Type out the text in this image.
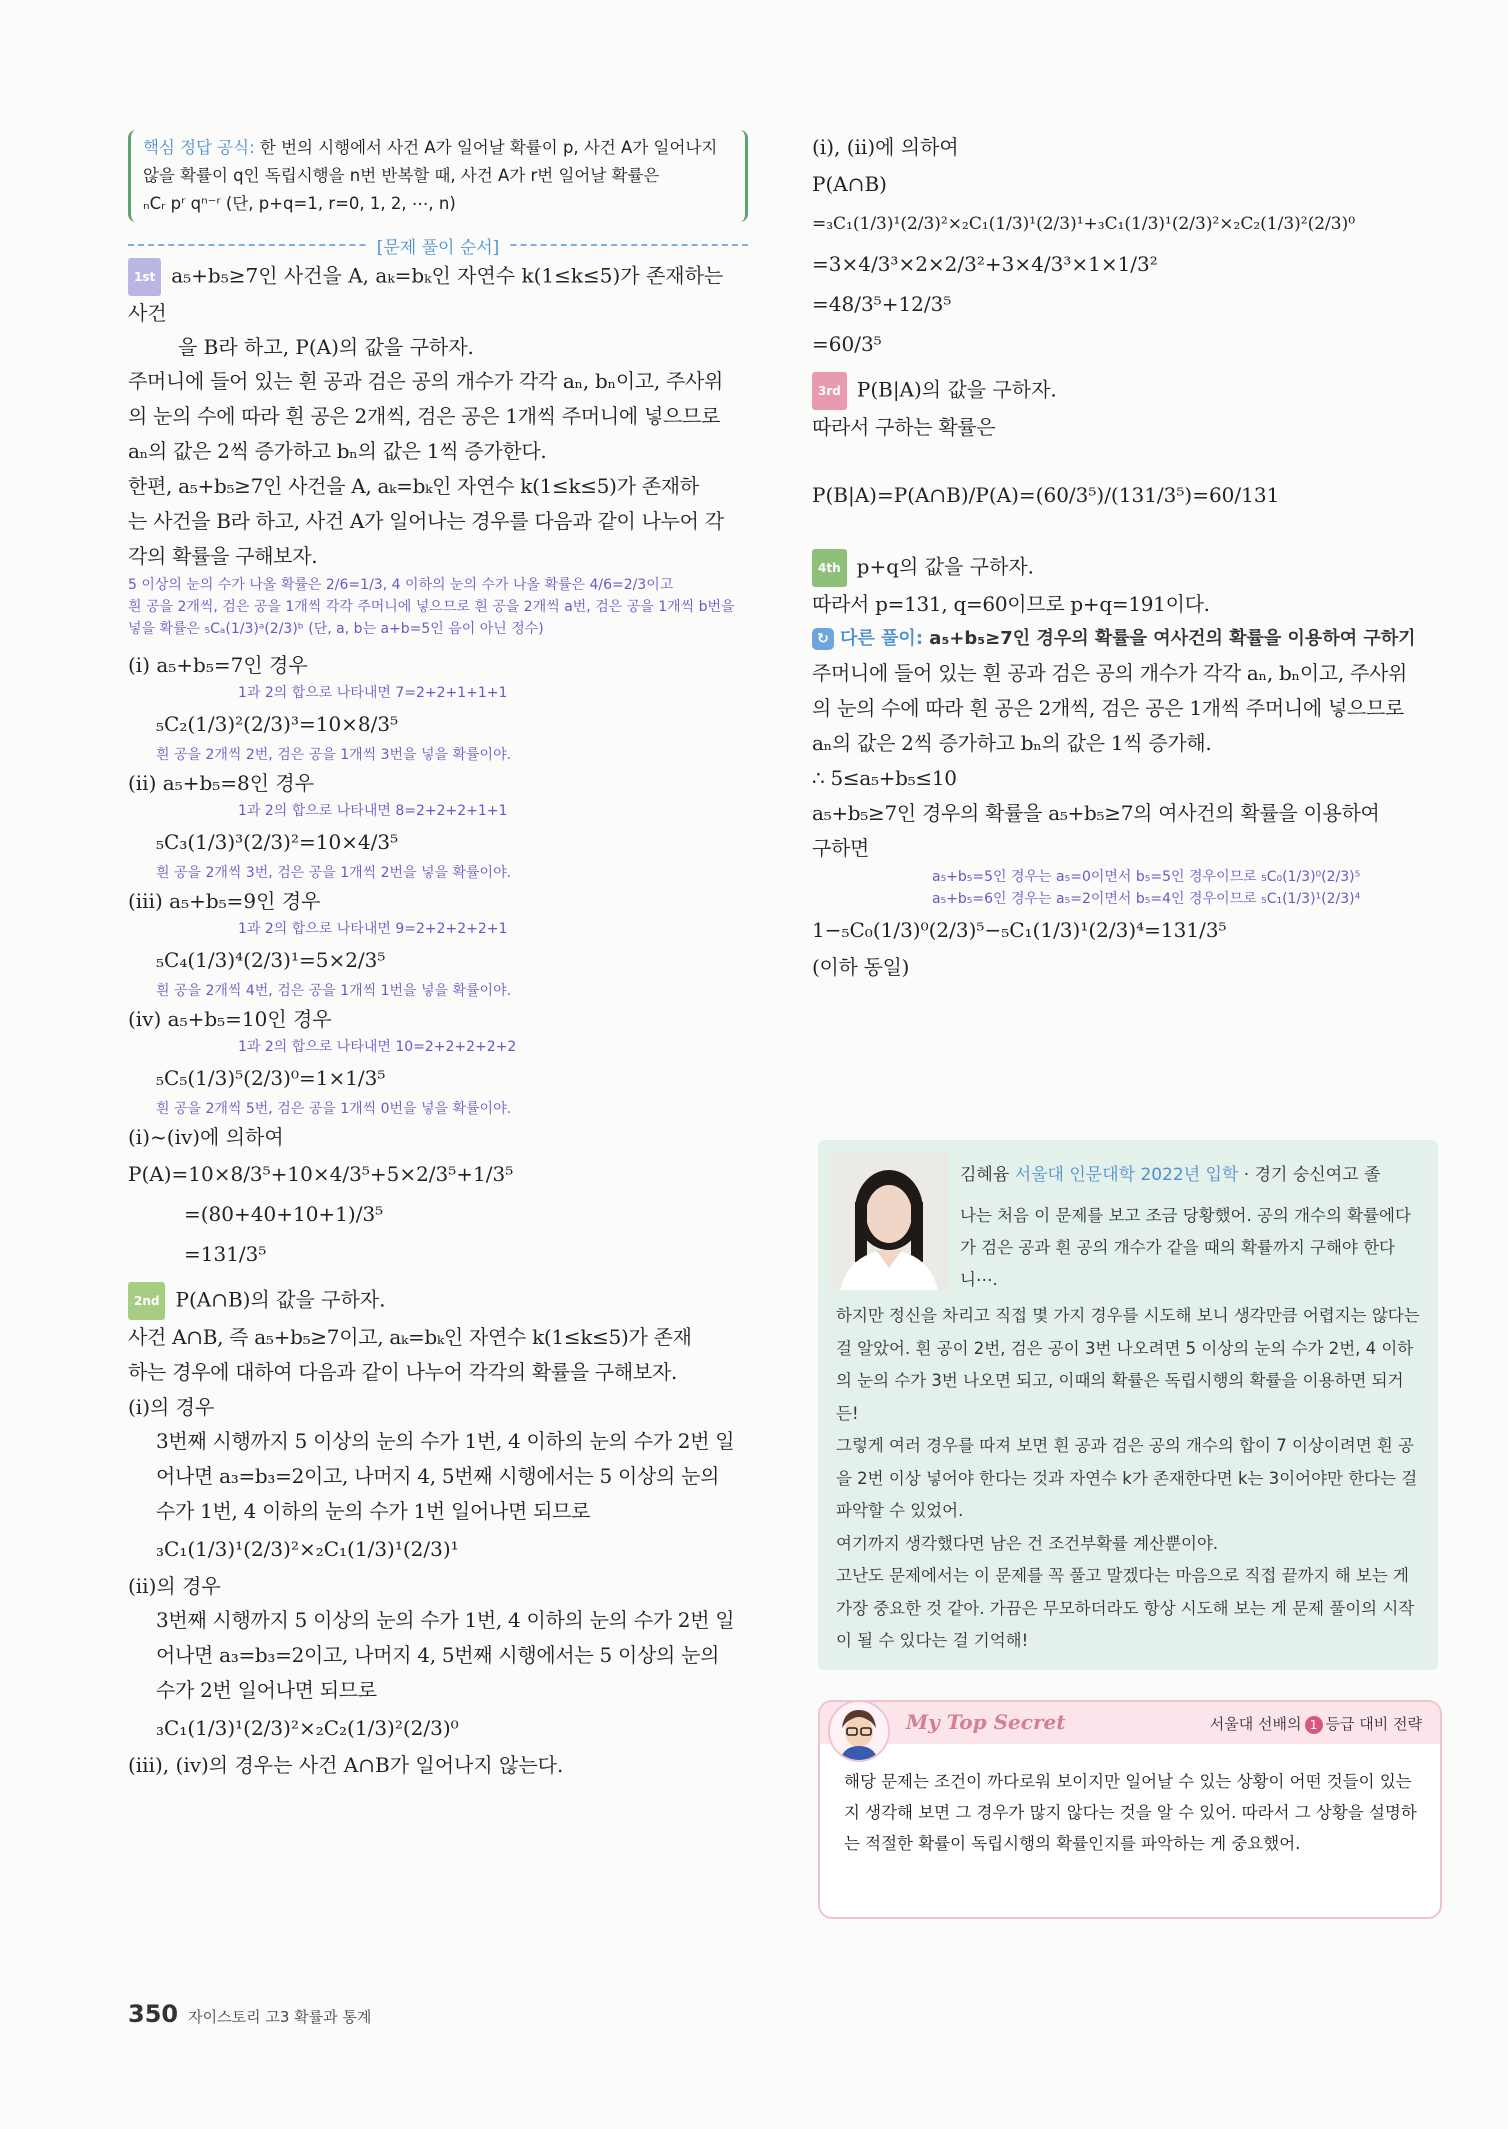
핵심 정답 공식: 한 번의 시행에서 사건 A가 일어날 확률이 p, 사건 A가 일어나지
않을 확률이 q인 독립시행을 n번 반복할 때, 사건 A가 r번 일어날 확률은
ₙCᵣ pʳ qⁿ⁻ʳ (단, p+q=1, r=0, 1, 2, ⋯, n)
[문제 풀이 순서]
1st a₅+b₅≥7인 사건을 A, aₖ=bₖ인 자연수 k(1≤k≤5)가 존재하는 사건
을 B라 하고, P(A)의 값을 구하자.
주머니에 들어 있는 흰 공과 검은 공의 개수가 각각 aₙ, bₙ이고, 주사위
의 눈의 수에 따라 흰 공은 2개씩, 검은 공은 1개씩 주머니에 넣으므로
aₙ의 값은 2씩 증가하고 bₙ의 값은 1씩 증가한다.
한편, a₅+b₅≥7인 사건을 A, aₖ=bₖ인 자연수 k(1≤k≤5)가 존재하
는 사건을 B라 하고, 사건 A가 일어나는 경우를 다음과 같이 나누어 각
각의 확률을 구해보자.
5 이상의 눈의 수가 나올 확률은 2/6=1/3, 4 이하의 눈의 수가 나올 확률은 4/6=2/3이고
흰 공을 2개씩, 검은 공을 1개씩 각각 주머니에 넣으므로 흰 공을 2개씩 a번, 검은 공을 1개씩 b번을
넣을 확률은 ₅Cₐ(1/3)ᵃ(2/3)ᵇ (단, a, b는 a+b=5인 음이 아닌 정수)
(ⅰ) a₅+b₅=7인 경우
1과 2의 합으로 나타내면 7=2+2+1+1+1
₅C₂(1/3)²(2/3)³=10×8/3⁵
흰 공을 2개씩 2번, 검은 공을 1개씩 3번을 넣을 확률이야.
(ⅱ) a₅+b₅=8인 경우
1과 2의 합으로 나타내면 8=2+2+2+1+1
₅C₃(1/3)³(2/3)²=10×4/3⁵
흰 공을 2개씩 3번, 검은 공을 1개씩 2번을 넣을 확률이야.
(ⅲ) a₅+b₅=9인 경우
1과 2의 합으로 나타내면 9=2+2+2+2+1
₅C₄(1/3)⁴(2/3)¹=5×2/3⁵
흰 공을 2개씩 4번, 검은 공을 1개씩 1번을 넣을 확률이야.
(ⅳ) a₅+b₅=10인 경우
1과 2의 합으로 나타내면 10=2+2+2+2+2
₅C₅(1/3)⁵(2/3)⁰=1×1/3⁵
흰 공을 2개씩 5번, 검은 공을 1개씩 0번을 넣을 확률이야.
(ⅰ)~(ⅳ)에 의하여
P(A)=10×8/3⁵+10×4/3⁵+5×2/3⁵+1/3⁵
=(80+40+10+1)/3⁵
=131/3⁵
2nd P(A∩B)의 값을 구하자.
사건 A∩B, 즉 a₅+b₅≥7이고, aₖ=bₖ인 자연수 k(1≤k≤5)가 존재
하는 경우에 대하여 다음과 같이 나누어 각각의 확률을 구해보자.
(ⅰ)의 경우
3번째 시행까지 5 이상의 눈의 수가 1번, 4 이하의 눈의 수가 2번 일
어나면 a₃=b₃=2이고, 나머지 4, 5번째 시행에서는 5 이상의 눈의
수가 1번, 4 이하의 눈의 수가 1번 일어나면 되므로
₃C₁(1/3)¹(2/3)²×₂C₁(1/3)¹(2/3)¹
(ⅱ)의 경우
3번째 시행까지 5 이상의 눈의 수가 1번, 4 이하의 눈의 수가 2번 일
어나면 a₃=b₃=2이고, 나머지 4, 5번째 시행에서는 5 이상의 눈의
수가 2번 일어나면 되므로
₃C₁(1/3)¹(2/3)²×₂C₂(1/3)²(2/3)⁰
(ⅲ), (ⅳ)의 경우는 사건 A∩B가 일어나지 않는다.
(ⅰ), (ⅱ)에 의하여
P(A∩B)
=₃C₁(1/3)¹(2/3)²×₂C₁(1/3)¹(2/3)¹+₃C₁(1/3)¹(2/3)²×₂C₂(1/3)²(2/3)⁰
=3×4/3³×2×2/3²+3×4/3³×1×1/3²
=48/3⁵+12/3⁵
=60/3⁵
3rd P(B|A)의 값을 구하자.
따라서 구하는 확률은
P(B|A)=P(A∩B)/P(A)=(60/3⁵)/(131/3⁵)=60/131
4th p+q의 값을 구하자.
따라서 p=131, q=60이므로 p+q=191이다.
↻ 다른 풀이: a₅+b₅≥7인 경우의 확률을 여사건의 확률을 이용하여 구하기
주머니에 들어 있는 흰 공과 검은 공의 개수가 각각 aₙ, bₙ이고, 주사위
의 눈의 수에 따라 흰 공은 2개씩, 검은 공은 1개씩 주머니에 넣으므로
aₙ의 값은 2씩 증가하고 bₙ의 값은 1씩 증가해.
∴ 5≤a₅+b₅≤10
a₅+b₅≥7인 경우의 확률을 a₅+b₅≥7의 여사건의 확률을 이용하여
구하면
a₅+b₅=5인 경우는 a₅=0이면서 b₅=5인 경우이므로 ₅C₀(1/3)⁰(2/3)⁵
a₅+b₅=6인 경우는 a₅=2이면서 b₅=4인 경우이므로 ₅C₁(1/3)¹(2/3)⁴
1−₅C₀(1/3)⁰(2/3)⁵−₅C₁(1/3)¹(2/3)⁴=131/3⁵
(이하 동일)
김혜윰 서울대 인문대학 2022년 입학 · 경기 숭신여고 졸
나는 처음 이 문제를 보고 조금 당황했어. 공의 개수의 확률에다가 검은 공과 흰 공의 개수가 같을 때의 확률까지 구해야 한다니⋯.
하지만 정신을 차리고 직접 몇 가지 경우를 시도해 보니 생각만큼 어렵지는 않다는 걸 알았어. 흰 공이 2번, 검은 공이 3번 나오려면 5 이상의 눈의 수가 2번, 4 이하의 눈의 수가 3번 나오면 되고, 이때의 확률은 독립시행의 확률을 이용하면 되거든!
그렇게 여러 경우를 따져 보면 흰 공과 검은 공의 개수의 합이 7 이상이려면 흰 공을 2번 이상 넣어야 한다는 것과 자연수 k가 존재한다면 k는 3이어야만 한다는 걸 파악할 수 있었어.
여기까지 생각했다면 남은 건 조건부확률 계산뿐이야.
고난도 문제에서는 이 문제를 꼭 풀고 말겠다는 마음으로 직접 끝까지 해 보는 게 가장 중요한 것 같아. 가끔은 무모하더라도 항상 시도해 보는 게 문제 풀이의 시작이 될 수 있다는 걸 기억해!
My Top Secret	서울대 선배의 1 등급 대비 전략
해당 문제는 조건이 까다로워 보이지만 일어날 수 있는 상황이 어떤 것들이 있는지 생각해 보면 그 경우가 많지 않다는 것을 알 수 있어. 따라서 그 상황을 설명하는 적절한 확률이 독립시행의 확률인지를 파악하는 게 중요했어.
350 자이스토리 고3 확률과 통계
